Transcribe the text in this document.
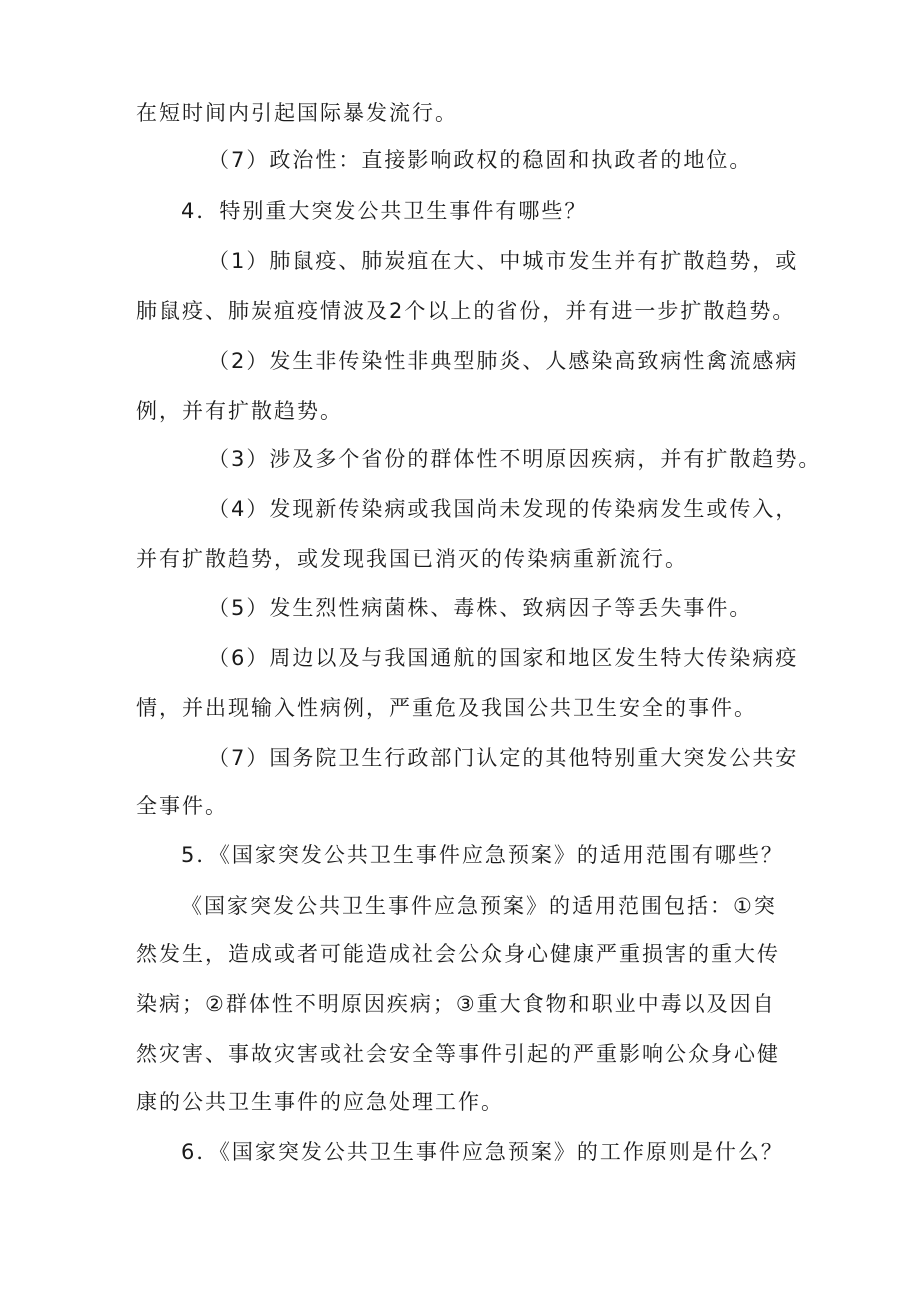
在短时间内引起国际暴发流行。
（7）政治性：直接影响政权的稳固和执政者的地位。
4．特别重大突发公共卫生事件有哪些？
（1）肺鼠疫、肺炭疽在大、中城市发生并有扩散趋势，或
肺鼠疫、肺炭疽疫情波及2个以上的省份，并有进一步扩散趋势。
（2）发生非传染性非典型肺炎、人感染高致病性禽流感病
例，并有扩散趋势。
（3）涉及多个省份的群体性不明原因疾病，并有扩散趋势。
（4）发现新传染病或我国尚未发现的传染病发生或传入，
并有扩散趋势，或发现我国已消灭的传染病重新流行。
（5）发生烈性病菌株、毒株、致病因子等丢失事件。
（6）周边以及与我国通航的国家和地区发生特大传染病疫
情，并出现输入性病例，严重危及我国公共卫生安全的事件。
（7）国务院卫生行政部门认定的其他特别重大突发公共安
全事件。
5．《国家突发公共卫生事件应急预案》的适用范围有哪些？
《国家突发公共卫生事件应急预案》的适用范围包括：①突
然发生，造成或者可能造成社会公众身心健康严重损害的重大传
染病；②群体性不明原因疾病；③重大食物和职业中毒以及因自
然灾害、事故灾害或社会安全等事件引起的严重影响公众身心健
康的公共卫生事件的应急处理工作。
6．《国家突发公共卫生事件应急预案》的工作原则是什么？
